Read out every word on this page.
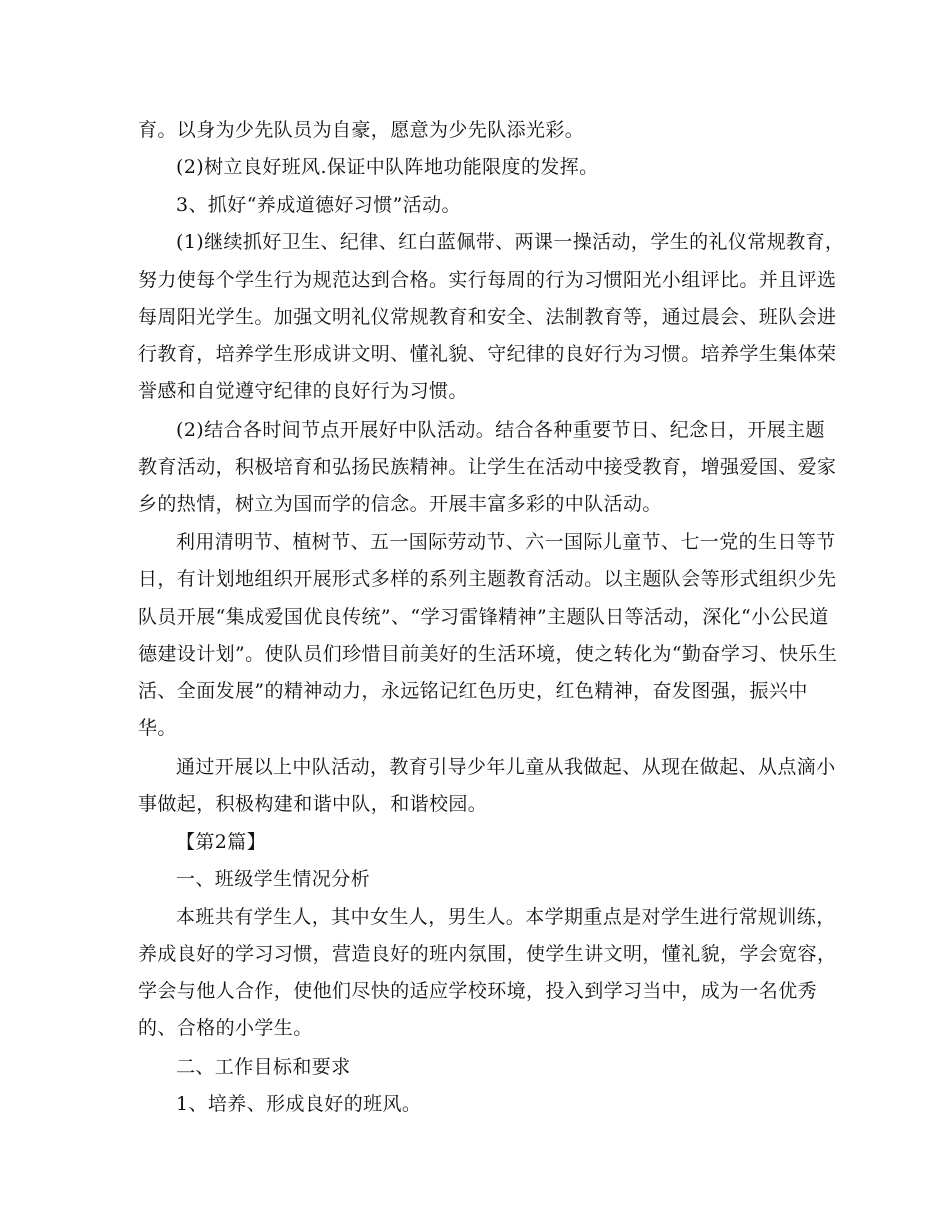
育。以身为少先队员为自豪，愿意为少先队添光彩。
(2)树立良好班风.保证中队阵地功能限度的发挥。
3、抓好“养成道德好习惯”活动。
(1)继续抓好卫生、纪律、红白蓝佩带、两课一操活动，学生的礼仪常规教育，
努力使每个学生行为规范达到合格。实行每周的行为习惯阳光小组评比。并且评选
每周阳光学生。加强文明礼仪常规教育和安全、法制教育等，通过晨会、班队会进
行教育，培养学生形成讲文明、懂礼貌、守纪律的良好行为习惯。培养学生集体荣
誉感和自觉遵守纪律的良好行为习惯。
(2)结合各时间节点开展好中队活动。结合各种重要节日、纪念日，开展主题
教育活动，积极培育和弘扬民族精神。让学生在活动中接受教育，增强爱国、爱家
乡的热情，树立为国而学的信念。开展丰富多彩的中队活动。
利用清明节、植树节、五一国际劳动节、六一国际儿童节、七一党的生日等节
日，有计划地组织开展形式多样的系列主题教育活动。以主题队会等形式组织少先
队员开展“集成爱国优良传统”、“学习雷锋精神”主题队日等活动，深化“小公民道
德建设计划”。使队员们珍惜目前美好的生活环境，使之转化为“勤奋学习、快乐生
活、全面发展”的精神动力，永远铭记红色历史，红色精神，奋发图强，振兴中
华。
通过开展以上中队活动，教育引导少年儿童从我做起、从现在做起、从点滴小
事做起，积极构建和谐中队，和谐校园。
【第2篇】
一、班级学生情况分析
本班共有学生人，其中女生人，男生人。本学期重点是对学生进行常规训练，
养成良好的学习习惯，营造良好的班内氛围，使学生讲文明，懂礼貌，学会宽容，
学会与他人合作，使他们尽快的适应学校环境，投入到学习当中，成为一名优秀
的、合格的小学生。
二、工作目标和要求
1、培养、形成良好的班风。
